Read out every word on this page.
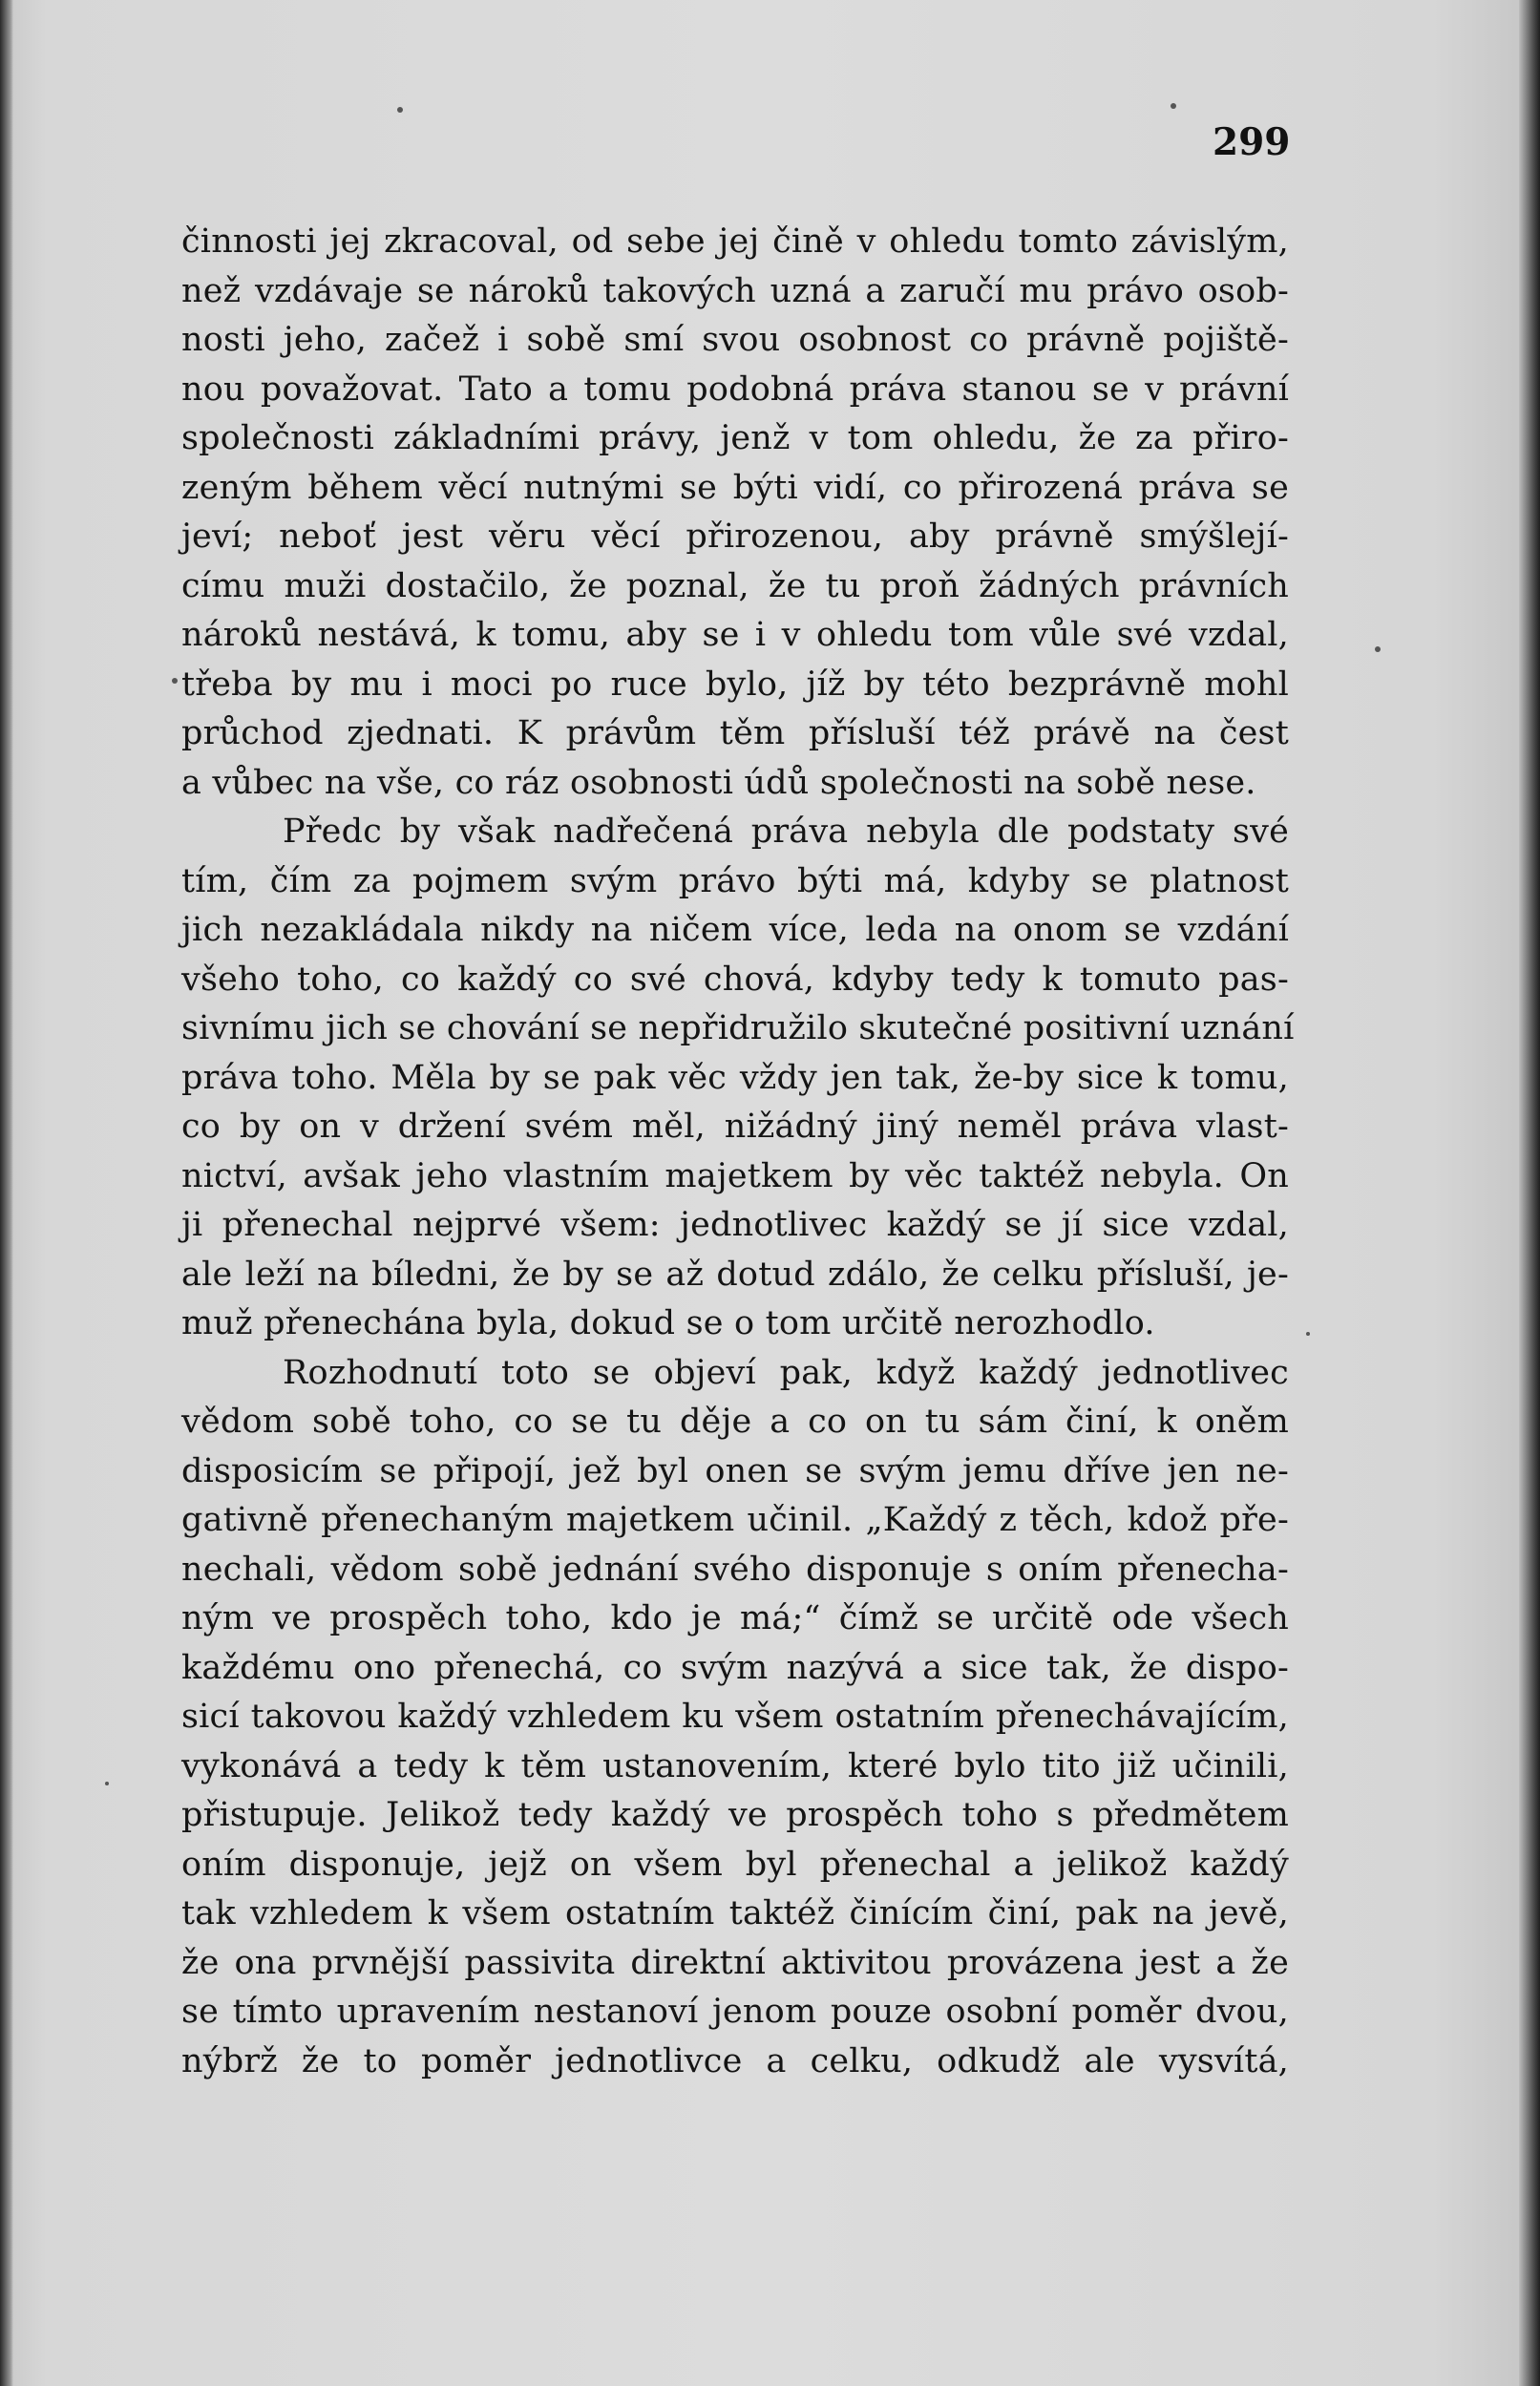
299
činnosti jej zkracoval, od sebe jej čině v ohledu tomto závislým,
než vzdávaje se nároků takových uzná a zaručí mu právo osob-
nosti jeho, začež i sobě smí svou osobnost co právně pojiště-
nou považovat. Tato a tomu podobná práva stanou se v právní
společnosti základními právy, jenž v tom ohledu, že za přiro-
zeným během věcí nutnými se býti vidí, co přirozená práva se
jeví; neboť jest věru věcí přirozenou, aby právně smýšlejí-
címu muži dostačilo, že poznal, že tu proň žádných právních
nároků nestává, k tomu, aby se i v ohledu tom vůle své vzdal,
třeba by mu i moci po ruce bylo, jíž by této bezprávně mohl
průchod zjednati. K právům těm přísluší též právě na čest
a vůbec na vše, co ráz osobnosti údů společnosti na sobě nese.
Předc by však nadřečená práva nebyla dle podstaty své
tím, čím za pojmem svým právo býti má, kdyby se platnost
jich nezakládala nikdy na ničem více, leda na onom se vzdání
všeho toho, co každý co své chová, kdyby tedy k tomuto pas-
sivnímu jich se chování se nepřidružilo skutečné positivní uznání
práva toho. Měla by se pak věc vždy jen tak, že-by sice k tomu,
co by on v držení svém měl, nižádný jiný neměl práva vlast-
nictví, avšak jeho vlastním majetkem by věc taktéž nebyla. On
ji přenechal nejprvé všem: jednotlivec každý se jí sice vzdal,
ale leží na bíledni, že by se až dotud zdálo, že celku přísluší, je-
muž přenechána byla, dokud se o tom určitě nerozhodlo.
Rozhodnutí toto se objeví pak, když každý jednotlivec
vědom sobě toho, co se tu děje a co on tu sám činí, k oněm
disposicím se připojí, jež byl onen se svým jemu dříve jen ne-
gativně přenechaným majetkem učinil. „Každý z těch, kdož pře-
nechali, vědom sobě jednání svého disponuje s oním přenecha-
ným ve prospěch toho, kdo je má;“ čímž se určitě ode všech
každému ono přenechá, co svým nazývá a sice tak, že dispo-
sicí takovou každý vzhledem ku všem ostatním přenechávajícím,
vykonává a tedy k těm ustanovením, které bylo tito již učinili,
přistupuje. Jelikož tedy každý ve prospěch toho s předmětem
oním disponuje, jejž on všem byl přenechal a jelikož každý
tak vzhledem k všem ostatním taktéž činícím činí, pak na jevě,
že ona prvnější passivita direktní aktivitou provázena jest a že
se tímto upravením nestanoví jenom pouze osobní poměr dvou,
nýbrž že to poměr jednotlivce a celku, odkudž ale vysvítá,
